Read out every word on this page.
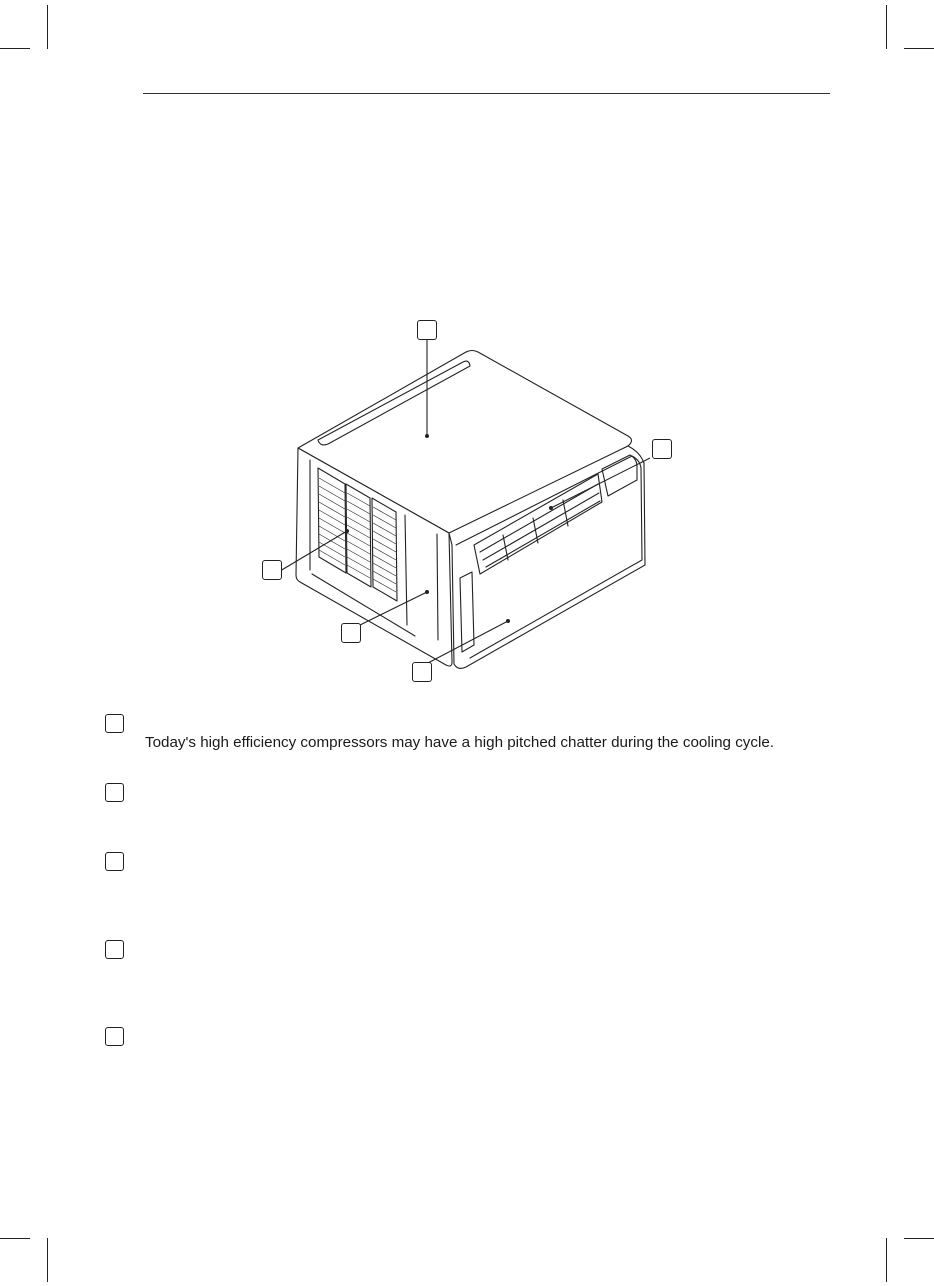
Today's high efficiency compressors may have a high pitched chatter during the cooling cycle.
